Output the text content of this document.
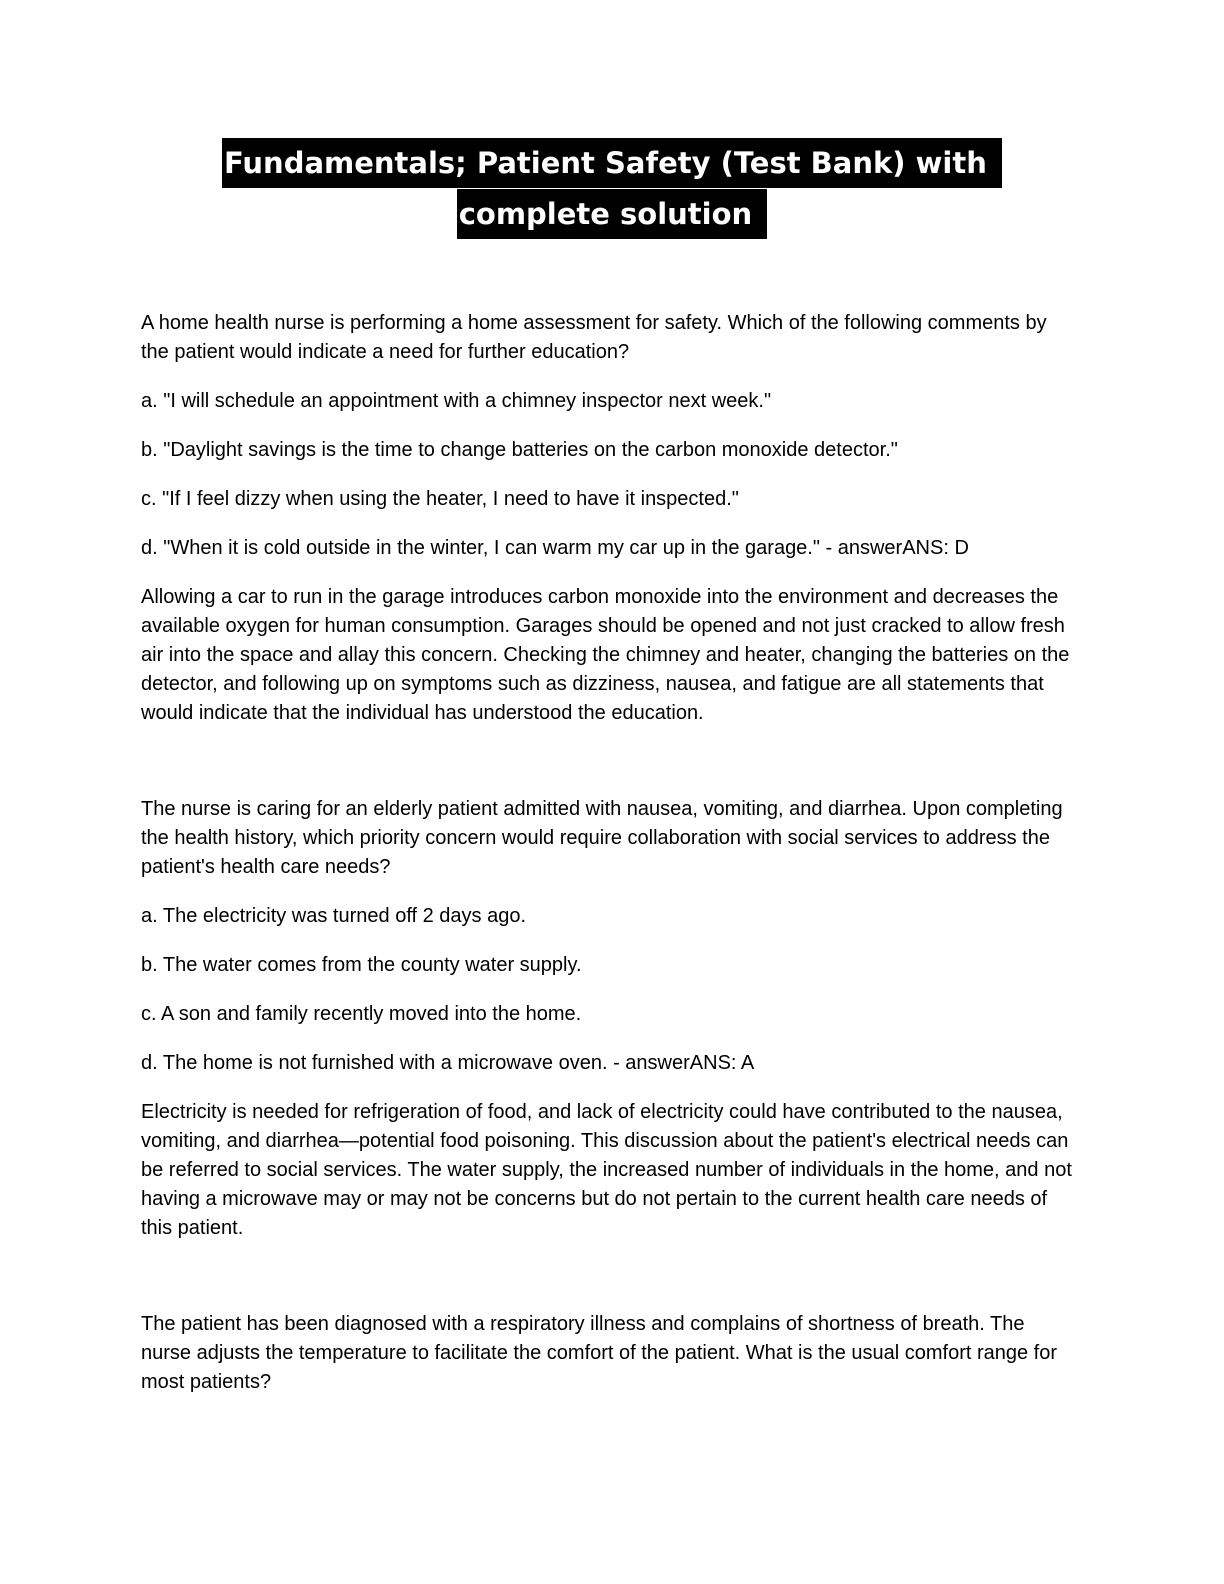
Fundamentals; Patient Safety (Test Bank) with
complete solution

A home health nurse is performing a home assessment for safety. Which of the following comments by the patient would indicate a need for further education?

a. "I will schedule an appointment with a chimney inspector next week."

b. "Daylight savings is the time to change batteries on the carbon monoxide detector."

c. "If I feel dizzy when using the heater, I need to have it inspected."

d. "When it is cold outside in the winter, I can warm my car up in the garage." - answerANS: D

Allowing a car to run in the garage introduces carbon monoxide into the environment and decreases the available oxygen for human consumption. Garages should be opened and not just cracked to allow fresh air into the space and allay this concern. Checking the chimney and heater, changing the batteries on the detector, and following up on symptoms such as dizziness, nausea, and fatigue are all statements that would indicate that the individual has understood the education.

The nurse is caring for an elderly patient admitted with nausea, vomiting, and diarrhea. Upon completing the health history, which priority concern would require collaboration with social services to address the patient's health care needs?

a. The electricity was turned off 2 days ago.

b. The water comes from the county water supply.

c. A son and family recently moved into the home.

d. The home is not furnished with a microwave oven. - answerANS: A

Electricity is needed for refrigeration of food, and lack of electricity could have contributed to the nausea, vomiting, and diarrhea—potential food poisoning. This discussion about the patient's electrical needs can be referred to social services. The water supply, the increased number of individuals in the home, and not having a microwave may or may not be concerns but do not pertain to the current health care needs of this patient.

The patient has been diagnosed with a respiratory illness and complains of shortness of breath. The nurse adjusts the temperature to facilitate the comfort of the patient. What is the usual comfort range for most patients?
